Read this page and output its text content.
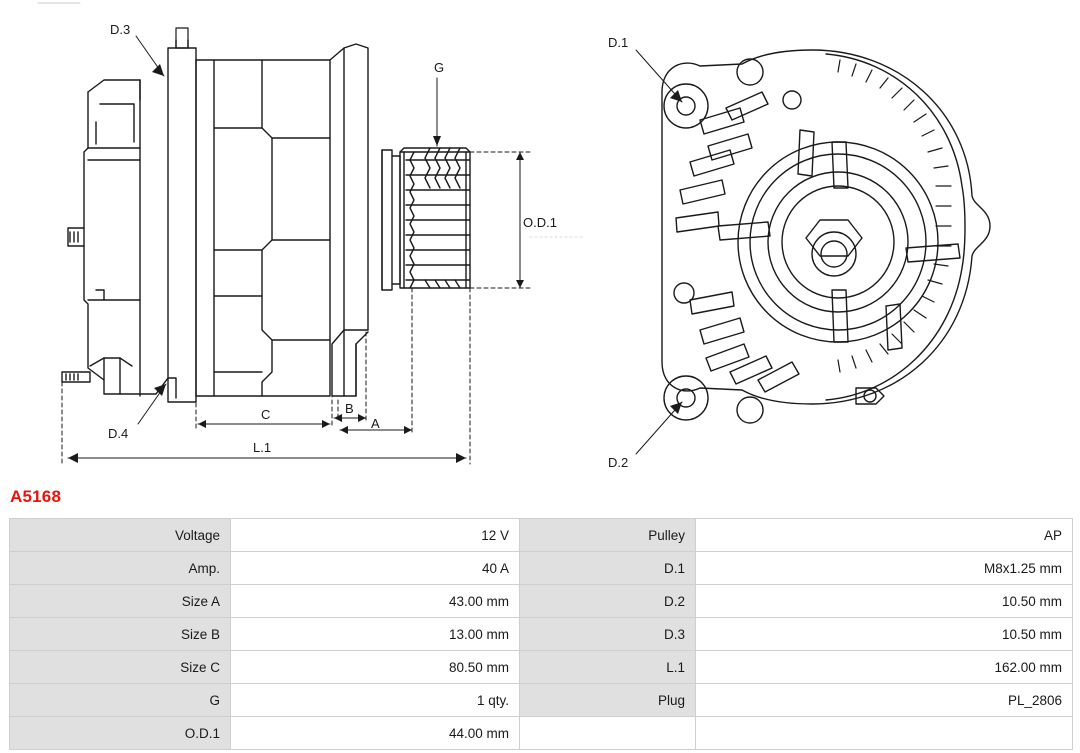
D.3
G
O.D.1
D.4
C	B
A
L.1
D.1
D.2
A5168
Voltage	12 V	Pulley	AP
Amp.	40 A	D.1	M8x1.25 mm
Size A	43.00 mm	D.2	10.50 mm
Size B	13.00 mm	D.3	10.50 mm
Size C	80.50 mm	L.1	162.00 mm
G	1 qty.	Plug	PL_2806
O.D.1	44.00 mm		
